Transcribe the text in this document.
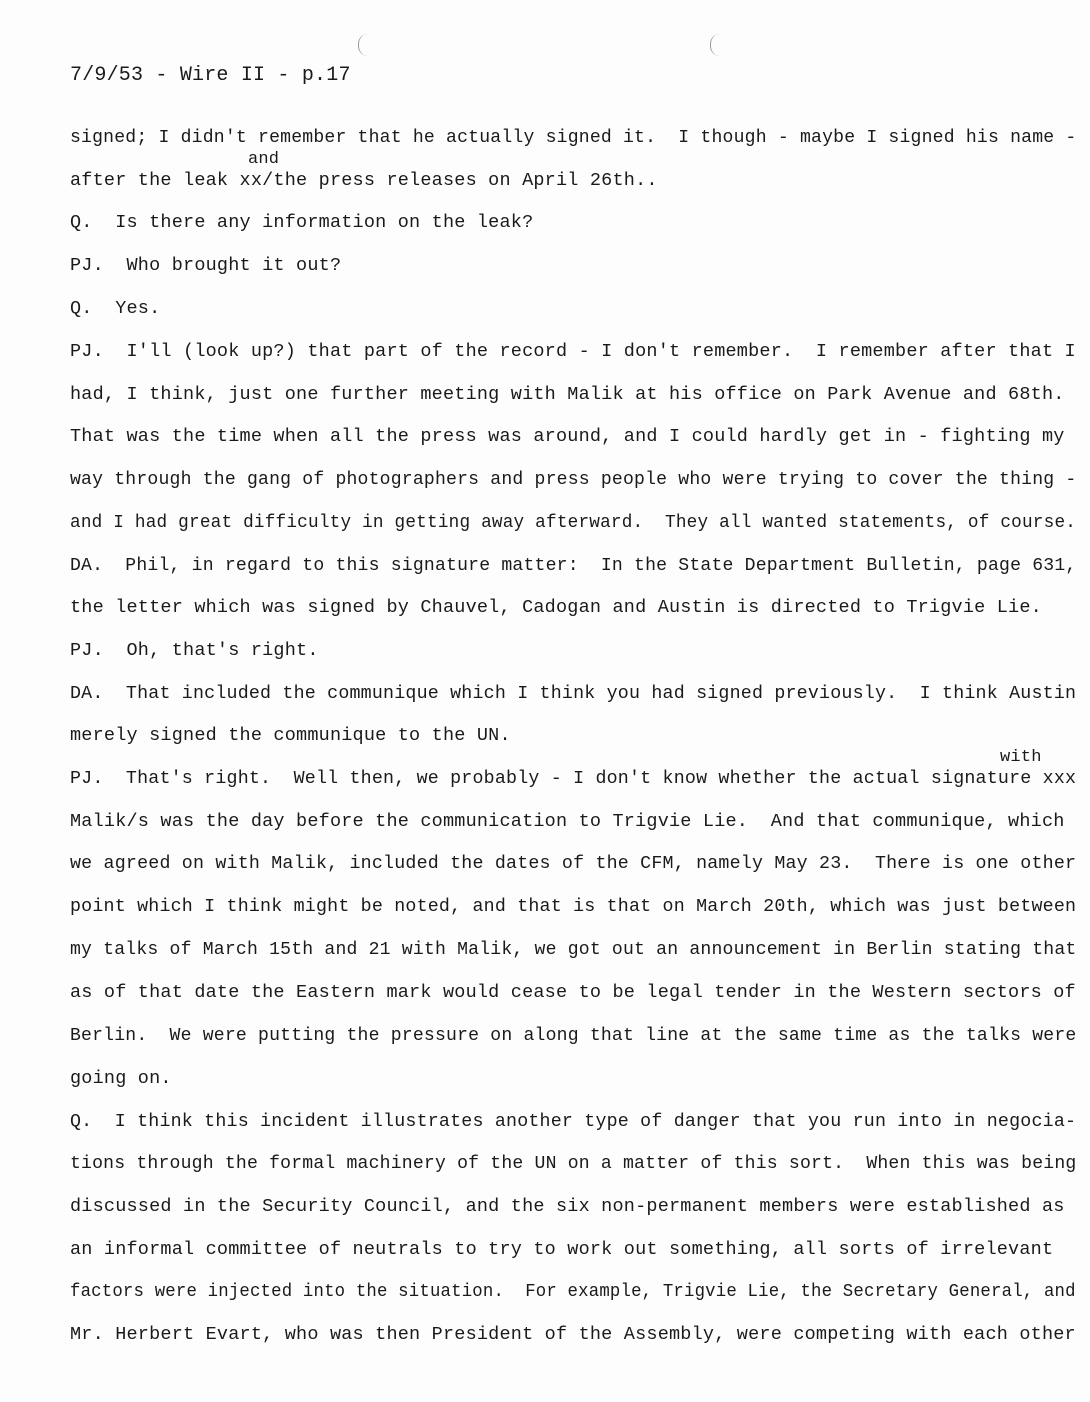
7/9/53 - Wire II - p.17
and
with
signed; I didn't remember that he actually signed it.  I though - maybe I signed his name -
after the leak xx/the press releases on April 26th..
Q.  Is there any information on the leak?
PJ.  Who brought it out?
Q.  Yes.
PJ.  I'll (look up?) that part of the record - I don't remember.  I remember after that I
had, I think, just one further meeting with Malik at his office on Park Avenue and 68th.
That was the time when all the press was around, and I could hardly get in - fighting my
way through the gang of photographers and press people who were trying to cover the thing -
and I had great difficulty in getting away afterward.  They all wanted statements, of course.
DA.  Phil, in regard to this signature matter:  In the State Department Bulletin, page 631,
the letter which was signed by Chauvel, Cadogan and Austin is directed to Trigvie Lie.
PJ.  Oh, that's right.
DA.  That included the communique which I think you had signed previously.  I think Austin
merely signed the communique to the UN.
PJ.  That's right.  Well then, we probably - I don't know whether the actual signature xxx
Malik/s was the day before the communication to Trigvie Lie.  And that communique, which
we agreed on with Malik, included the dates of the CFM, namely May 23.  There is one other
point which I think might be noted, and that is that on March 20th, which was just between
my talks of March 15th and 21 with Malik, we got out an announcement in Berlin stating that
as of that date the Eastern mark would cease to be legal tender in the Western sectors of
Berlin.  We were putting the pressure on along that line at the same time as the talks were
going on.
Q.  I think this incident illustrates another type of danger that you run into in negocia-
tions through the formal machinery of the UN on a matter of this sort.  When this was being
discussed in the Security Council, and the six non-permanent members were established as
an informal committee of neutrals to try to work out something, all sorts of irrelevant
factors were injected into the situation.  For example, Trigvie Lie, the Secretary General, and
Mr. Herbert Evart, who was then President of the Assembly, were competing with each other
